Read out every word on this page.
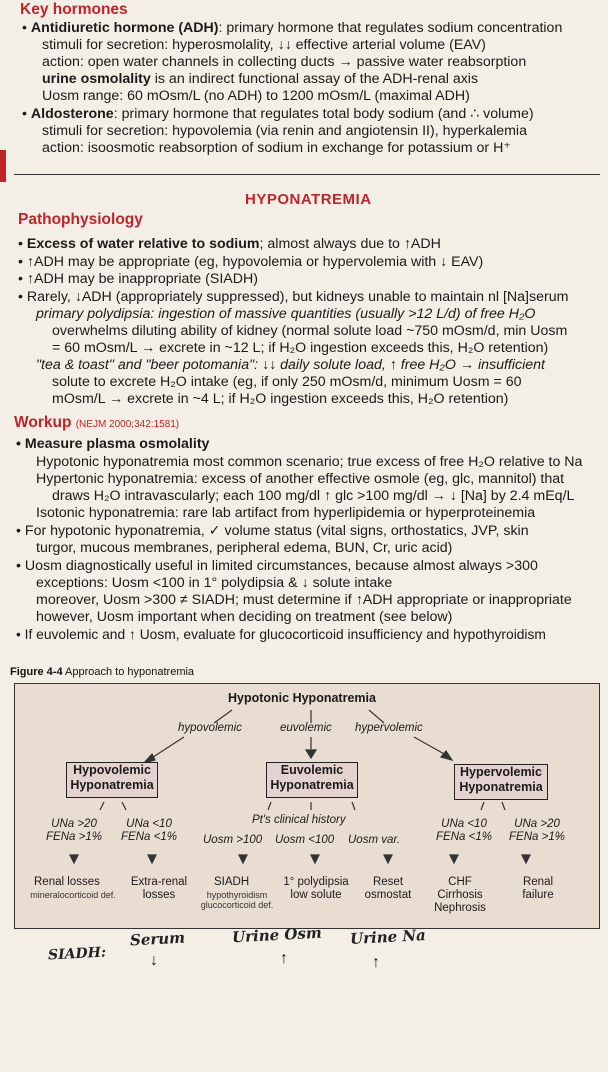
Key hormones
• Antidiuretic hormone (ADH): primary hormone that regulates sodium concentration
stimuli for secretion: hyperosmolality, ↓↓ effective arterial volume (EAV)
action: open water channels in collecting ducts → passive water reabsorption
urine osmolality is an indirect functional assay of the ADH-renal axis
Uosm range: 60 mOsm/L (no ADH) to 1200 mOsm/L (maximal ADH)
• Aldosterone: primary hormone that regulates total body sodium (and ∴ volume)
stimuli for secretion: hypovolemia (via renin and angiotensin II), hyperkalemia
action: isoosmotic reabsorption of sodium in exchange for potassium or H⁺
HYPONATREMIA
Pathophysiology
• Excess of water relative to sodium; almost always due to ↑ADH
• ↑ADH may be appropriate (eg, hypovolemia or hypervolemia with ↓ EAV)
• ↑ADH may be inappropriate (SIADH)
• Rarely, ↓ADH (appropriately suppressed), but kidneys unable to maintain nl [Na]serum
primary polydipsia: ingestion of massive quantities (usually >12 L/d) of free H₂O
overwhelms diluting ability of kidney (normal solute load ~750 mOsm/d, min Uosm
= 60 mOsm/L → excrete in ~12 L; if H₂O ingestion exceeds this, H₂O retention)
"tea & toast" and "beer potomania": ↓↓ daily solute load, ↑ free H₂O → insufficient
solute to excrete H₂O intake (eg, if only 250 mOsm/d, minimum Uosm = 60
mOsm/L → excrete in ~4 L; if H₂O ingestion exceeds this, H₂O retention)
Workup (NEJM 2000;342:1581)
• Measure plasma osmolality
Hypotonic hyponatremia most common scenario; true excess of free H₂O relative to Na
Hypertonic hyponatremia: excess of another effective osmole (eg, glc, mannitol) that
draws H₂O intravascularly; each 100 mg/dl ↑ glc >100 mg/dl → ↓ [Na] by 2.4 mEq/L
Isotonic hyponatremia: rare lab artifact from hyperlipidemia or hyperproteinemia
• For hypotonic hyponatremia, ✓ volume status (vital signs, orthostatics, JVP, skin
turgor, mucous membranes, peripheral edema, BUN, Cr, uric acid)
• Uosm diagnostically useful in limited circumstances, because almost always >300
exceptions: Uosm <100 in 1° polydipsia & ↓ solute intake
moreover, Uosm >300 ≠ SIADH; must determine if ↑ADH appropriate or inappropriate
however, Uosm important when deciding on treatment (see below)
• If euvolemic and ↑ Uosm, evaluate for glucocorticoid insufficiency and hypothyroidism
Figure 4-4 Approach to hyponatremia
Hypotonic Hyponatremia
hypovolemic	euvolemic hypervolemic
Hypovolemic Hyponatremia
Euvolemic Hyponatremia
Hypervolemic Hyponatremia
UNa >20 FENa >1%
UNa <10 FENa <1%
Pt's clinical history
Uosm >100 Uosm <100 Uosm var.
UNa <10 FENa <1%
UNa >20 FENa >1%
Renal losses
mineralocorticoid def.
Extra-renal losses
SIADH
hypothyroidism glucocorticoid def.
1° polydipsia low solute
Reset osmostat
CHF Cirrhosis Nephrosis
Renal failure
SIADH:
Serum	Urine Osm Urine Na
↓	↑	↑
